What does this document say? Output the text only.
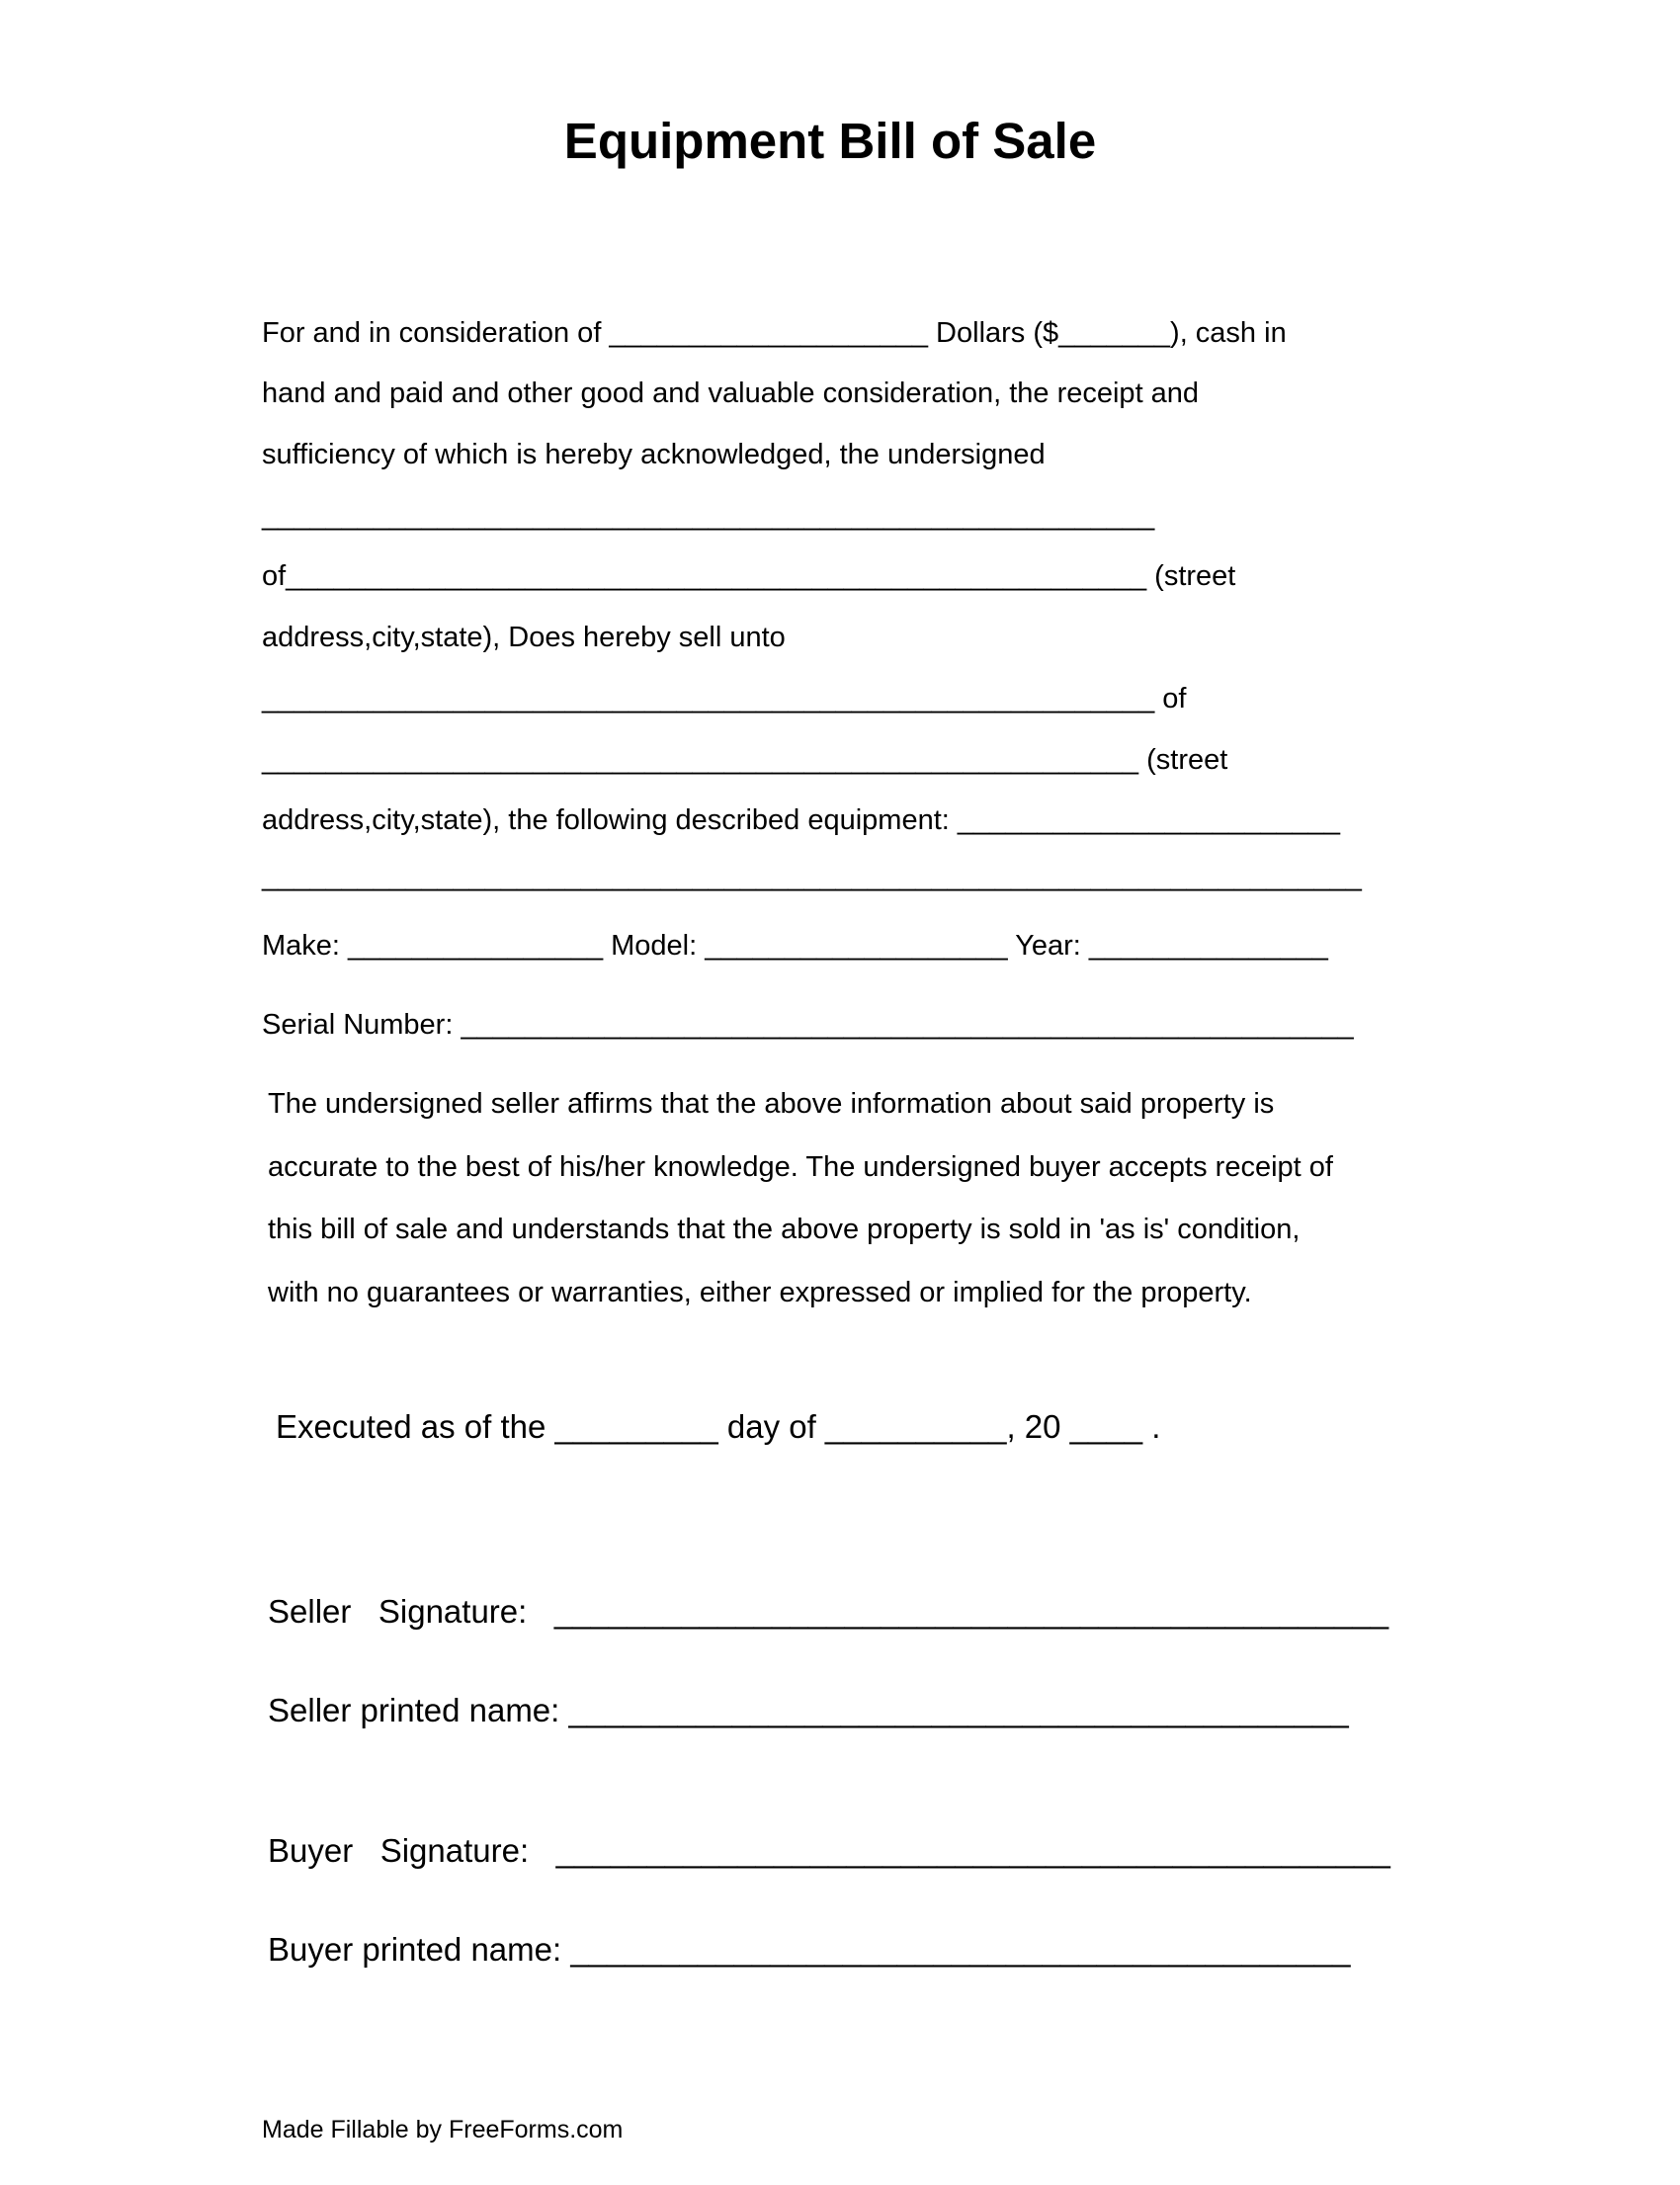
Equipment Bill of Sale
For and in consideration of ____________________ Dollars ($_______), cash in
hand and paid and other good and valuable consideration, the receipt and
sufficiency of which is hereby acknowledged, the undersigned
________________________________________________________
of______________________________________________________ (street
address,city,state), Does hereby sell unto
________________________________________________________ of
_______________________________________________________ (street
address,city,state), the following described equipment: ________________________
_____________________________________________________________________
Make: ________________ Model: ___________________ Year: _______________
Serial Number: ________________________________________________________
The undersigned seller affirms that the above information about said property is
accurate to the best of his/her knowledge. The undersigned buyer accepts receipt of
this bill of sale and understands that the above property is sold in 'as is' condition,
with no guarantees or warranties, either expressed or implied for the property.
Executed as of the _________ day of __________, 20 ____ .
Seller   Signature:   ______________________________________________
Seller printed name: ___________________________________________
Buyer   Signature:   ______________________________________________
Buyer printed name: ___________________________________________
Made Fillable by FreeForms.com
